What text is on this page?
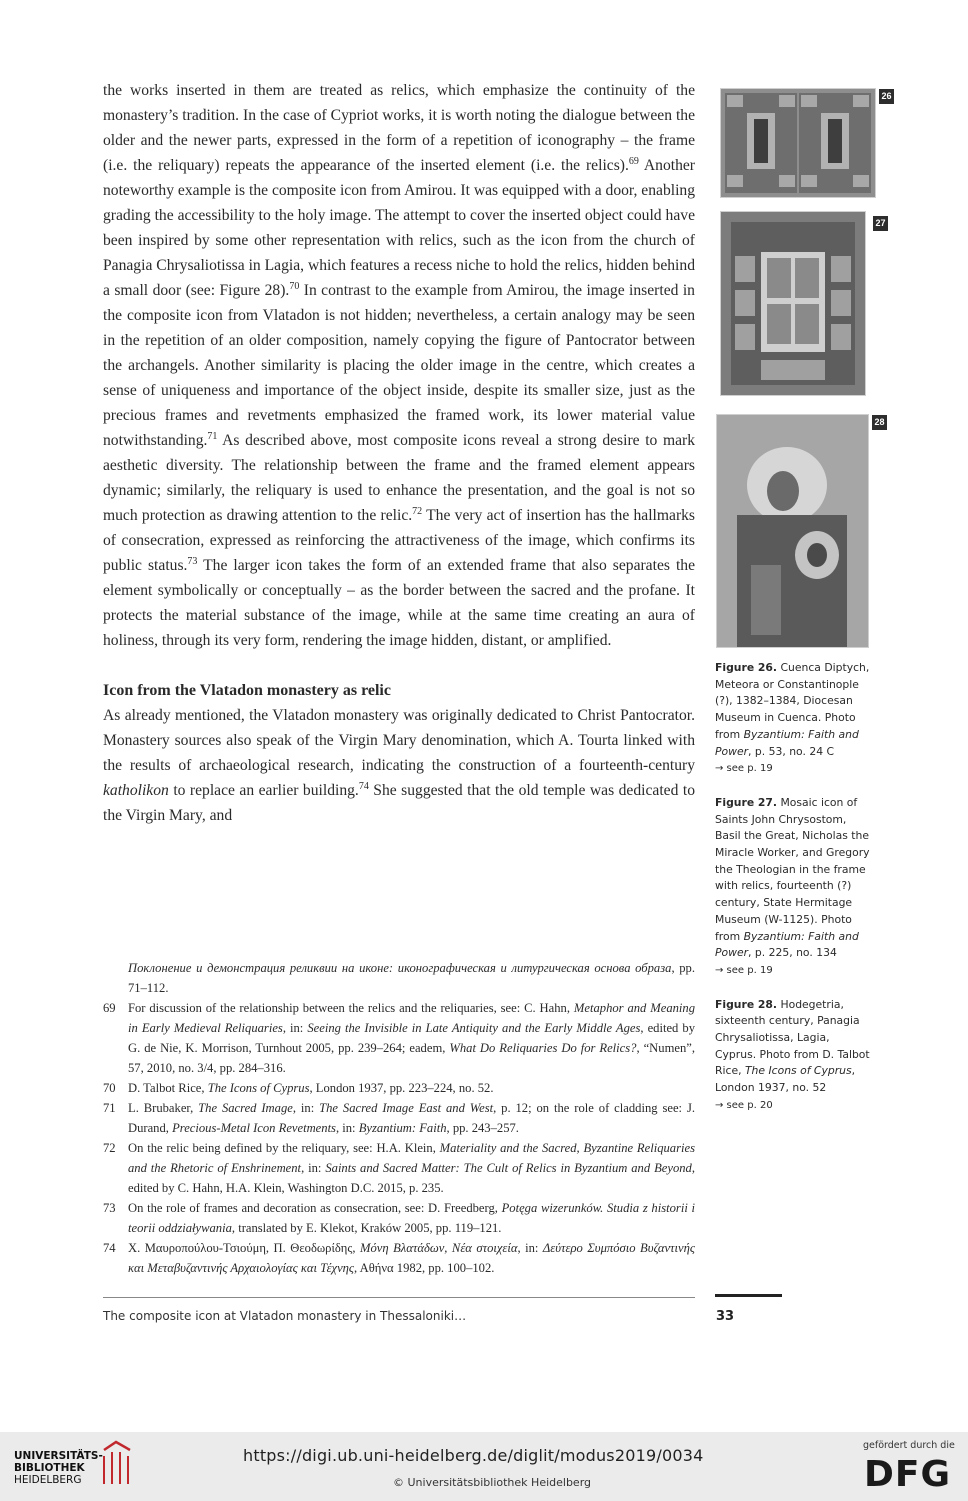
the works inserted in them are treated as relics, which emphasize the continuity of the monastery’s tradition. In the case of Cypriot works, it is worth noting the dialogue between the older and the newer parts, expressed in the form of a repetition of iconography – the frame (i.e. the reliquary) repeats the appearance of the inserted element (i.e. the relics).$^{69}$ Another noteworthy example is the composite icon from Amirou. It was equipped with a door, enabling grading the accessibility to the holy image. The attempt to cover the inserted object could have been inspired by some other representation with relics, such as the icon from the church of Panagia Chrysaliotissa in Lagia, which features a recess niche to hold the relics, hidden behind a small door (see: Figure 28).$^{70}$ In contrast to the example from Amirou, the image inserted in the composite icon from Vlatadon is not hidden; nevertheless, a certain analogy may be seen in the repetition of an older composition, namely copying the figure of Pantocrator between the archangels. Another similarity is placing the older image in the centre, which creates a sense of uniqueness and importance of the object inside, despite its smaller size, just as the precious frames and revetments emphasized the framed work, its lower material value notwithstanding.$^{71}$ As described above, most composite icons reveal a strong desire to mark aesthetic diversity. The relationship between the frame and the framed element appears dynamic; similarly, the reliquary is used to enhance the presentation, and the goal is not so much protection as drawing attention to the relic.$^{72}$ The very act of insertion has the hallmarks of consecration, expressed as reinforcing the attractiveness of the image, which confirms its public status.$^{73}$ The larger icon takes the form of an extended frame that also separates the element symbolically or conceptually – as the border between the sacred and the profane. It protects the material substance of the image, while at the same time creating an aura of holiness, through its very form, rendering the image hidden, distant, or amplified.

Icon from the Vlatadon monastery as relic

As already mentioned, the Vlatadon monastery was originally dedicated to Christ Pantocrator. Monastery sources also speak of the Virgin Mary denomination, which A. Tourta linked with the results of archaeological research, indicating the construction of a fourteenth-century katholikon to replace an earlier building.$^{74}$ She suggested that the old temple was dedicated to the Virgin Mary, and

Поклонение и демонстрация реликвии на иконе: иконографическая и литургическая основа образа, pp. 71–112.
69 For discussion of the relationship between the relics and the reliquaries, see: C. Hahn, Metaphor and Meaning in Early Medieval Reliquaries, in: Seeing the Invisible in Late Antiquity and the Early Middle Ages, edited by G. de Nie, K. Morrison, Turnhout 2005, pp. 239–264; eadem, What Do Reliquaries Do for Relics?, “Numen”, 57, 2010, no. 3/4, pp. 284–316.
70 D. Talbot Rice, The Icons of Cyprus, London 1937, pp. 223–224, no. 52.
71 L. Brubaker, The Sacred Image, in: The Sacred Image East and West, p. 12; on the role of cladding see: J. Durand, Precious-Metal Icon Revetments, in: Byzantium: Faith, pp. 243–257.
72 On the relic being defined by the reliquary, see: H.A. Klein, Materiality and the Sacred, Byzantine Reliquaries and the Rhetoric of Enshrinement, in: Saints and Sacred Matter: The Cult of Relics in Byzantium and Beyond, edited by C. Hahn, H.A. Klein, Washington D.C. 2015, p. 235.
73 On the role of frames and decoration as consecration, see: D. Freedberg, Potęga wizerunków. Studia z historii i teorii oddziaływania, translated by E. Klekot, Kraków 2005, pp. 119–121.
74 Χ. Μαυροπούλου-Τσιούμη, Π. Θεοδωρίδης, Μόνη Βλατάδων, Νέα στοιχεία, in: Δεύτερο Συμπόσιο Βυζαντινής και Μεταβυζαντινής Αρχαιολογίας και Τέχνης, Αθήνα 1982, pp. 100–102.
26
27
28
Figure 26. Cuenca Diptych, Meteora or Constantinople (?), 1382–1384, Diocesan Museum in Cuenca. Photo from Byzantium: Faith and Power, p. 53, no. 24 C
→ see p. 19
Figure 27. Mosaic icon of Saints John Chrysostom, Basil the Great, Nicholas the Miracle Worker, and Gregory the Theologian in the frame with relics, fourteenth (?) century, State Hermitage Museum (W-1125). Photo from Byzantium: Faith and Power, p. 225, no. 134
→ see p. 19
Figure 28. Hodegetria, sixteenth century, Panagia Chrysaliotissa, Lagia, Cyprus. Photo from D. Talbot Rice, The Icons of Cyprus, London 1937, no. 52
→ see p. 20
The composite icon at Vlatadon monastery in Thessaloniki…	33
UNIVERSITÄTS-
BIBLIOTHEK
HEIDELBERG
https://digi.ub.uni-heidelberg.de/diglit/modus2019/0034
© Universitätsbibliothek Heidelberg
gefördert durch die
DFG
